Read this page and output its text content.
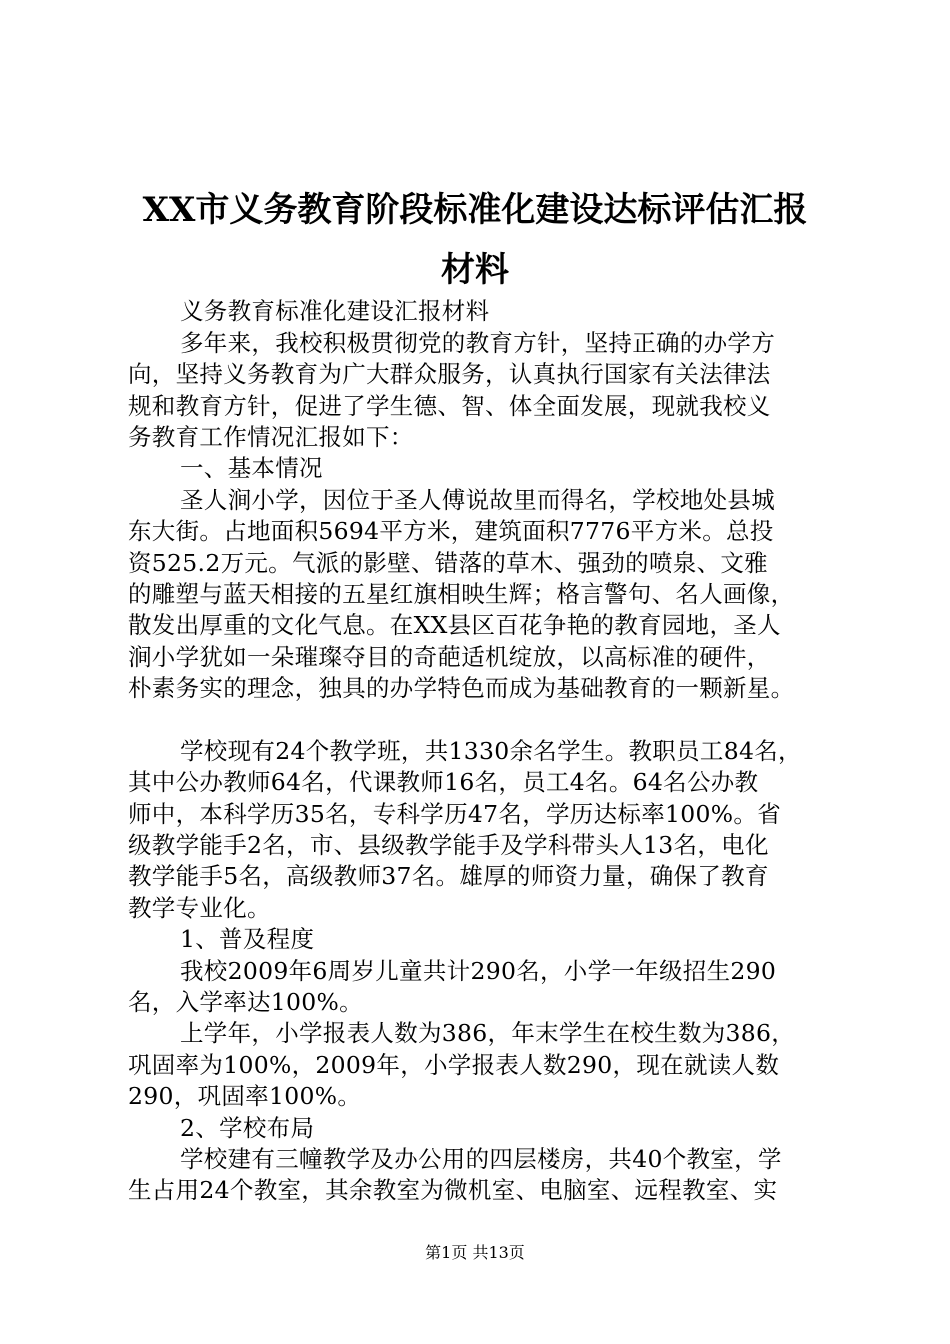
XX市义务教育阶段标准化建设达标评估汇报
材料
义务教育标准化建设汇报材料
多年来，我校积极贯彻党的教育方针，坚持正确的办学方
向，坚持义务教育为广大群众服务，认真执行国家有关法律法
规和教育方针，促进了学生德、智、体全面发展，现就我校义
务教育工作情况汇报如下：
一、基本情况
圣人涧小学，因位于圣人傅说故里而得名，学校地处县城
东大街。占地面积5694平方米，建筑面积7776平方米。总投
资525.2万元。气派的影壁、错落的草木、强劲的喷泉、文雅
的雕塑与蓝天相接的五星红旗相映生辉；格言警句、名人画像，
散发出厚重的文化气息。在XX县区百花争艳的教育园地，圣人
涧小学犹如一朵璀璨夺目的奇葩适机绽放，以高标准的硬件，
朴素务实的理念，独具的办学特色而成为基础教育的一颗新星。
学校现有24个教学班，共1330余名学生。教职员工84名，
其中公办教师64名，代课教师16名，员工4名。64名公办教
师中，本科学历35名，专科学历47名，学历达标率100%。省
级教学能手2名，市、县级教学能手及学科带头人13名，电化
教学能手5名，高级教师37名。雄厚的师资力量，确保了教育
教学专业化。
1、普及程度
我校2009年6周岁儿童共计290名，小学一年级招生290
名，入学率达100%。
上学年，小学报表人数为386，年末学生在校生数为386，
巩固率为100%，2009年，小学报表人数290，现在就读人数
290，巩固率100%。
2、学校布局
学校建有三幢教学及办公用的四层楼房，共40个教室，学
生占用24个教室，其余教室为微机室、电脑室、远程教室、实
第1页 共13页
